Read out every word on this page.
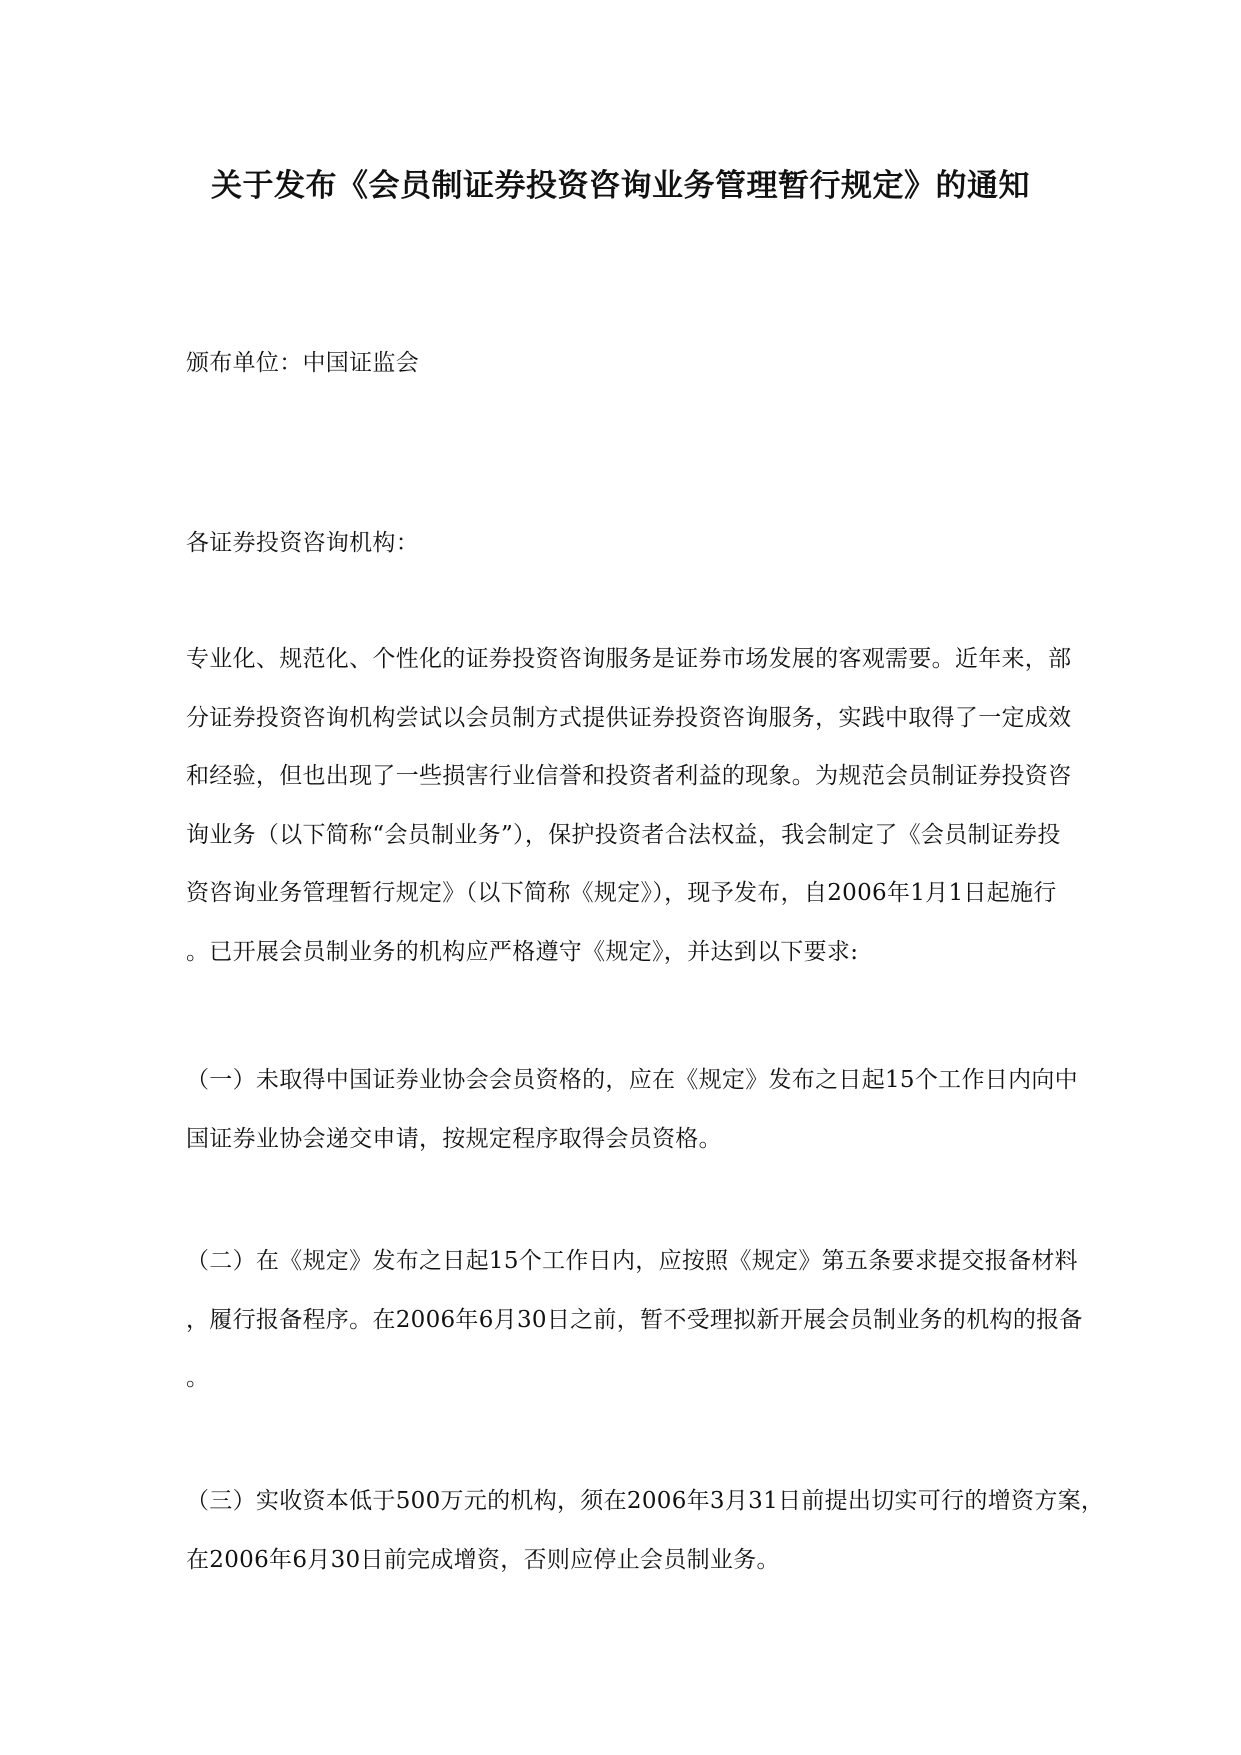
关于发布《会员制证券投资咨询业务管理暂行规定》的通知

颁布单位：中国证监会

各证券投资咨询机构：

专业化、规范化、个性化的证券投资咨询服务是证券市场发展的客观需要。近年来，部
分证券投资咨询机构尝试以会员制方式提供证券投资咨询服务，实践中取得了一定成效
和经验，但也出现了一些损害行业信誉和投资者利益的现象。为规范会员制证券投资咨
询业务（以下简称“会员制业务”），保护投资者合法权益，我会制定了《会员制证券投
资咨询业务管理暂行规定》（以下简称《规定》），现予发布，自2006年1月1日起施行
。已开展会员制业务的机构应严格遵守《规定》，并达到以下要求:

（一）未取得中国证券业协会会员资格的，应在《规定》发布之日起15个工作日内向中
国证券业协会递交申请，按规定程序取得会员资格。

（二）在《规定》发布之日起15个工作日内，应按照《规定》第五条要求提交报备材料
，履行报备程序。在2006年6月30日之前，暂不受理拟新开展会员制业务的机构的报备
。

（三）实收资本低于500万元的机构，须在2006年3月31日前提出切实可行的增资方案，
在2006年6月30日前完成增资，否则应停止会员制业务。
